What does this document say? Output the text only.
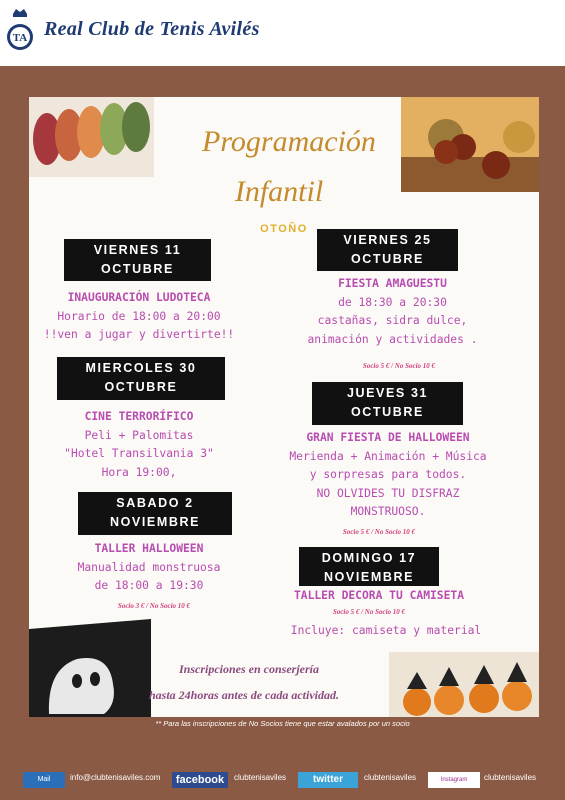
TA Real Club de Tenis Avilés
Programación
Infantil
OTOÑO
VIERNES 11
OCTUBRE
INAUGURACIÓN LUDOTECA
Horario de 18:00 a 20:00
!!ven a jugar y divertirte!!
VIERNES 25
OCTUBRE
FIESTA AMAGUESTU
de 18:30 a 20:30
castañas, sidra dulce,
animación y actividades .
Socio 5 € / No Socio 10 €
MIERCOLES 30
OCTUBRE
CINE TERRORÍFICO
Peli + Palomitas
"Hotel Transilvania 3"
Hora 19:00,
JUEVES 31
OCTUBRE
GRAN FIESTA DE HALLOWEEN
Merienda + Animación + Música
y sorpresas para todos.
NO OLVIDES TU DISFRAZ
MONSTRUOSO.
Socio 5 € / No Socio 10 €
SABADO 2
NOVIEMBRE
TALLER HALLOWEEN
Manualidad monstruosa
de 18:00 a 19:30
Socio 3 € / No Socio 10 €
DOMINGO 17
NOVIEMBRE
TALLER DECORA TU CAMISETA
Socio 5 € / No Socio 10 €
Incluye: camiseta y material
Inscripciones en conserjería
hasta 24horas antes de cada actividad.
** Para las inscripciones de No Socios tiene que estar avalados por un socio
Mail	info@clubtenisaviles.com	facebook	clubtenisaviles	twitter	clubtenisaviles	Instagram	clubtenisaviles
